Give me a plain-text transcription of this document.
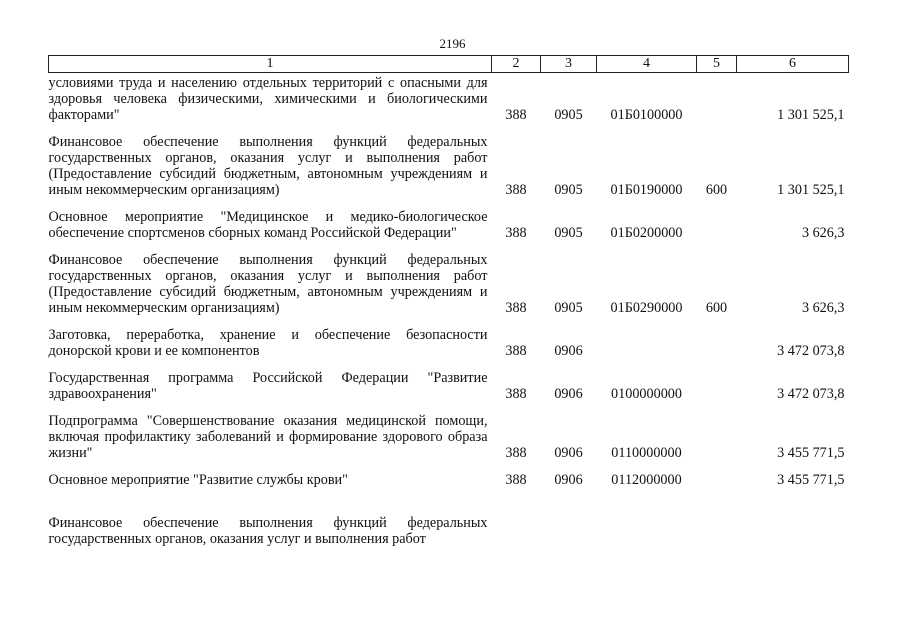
2196
1	2	3	4	5	6
условиями труда и населению отдельных территорий с опасными для здоровья человека физическими, химическими и биологическими факторами"	388	0905	01Б0100000		1 301 525,1
Финансовое обеспечение выполнения функций федеральных государственных органов, оказания услуг и выполнения работ (Предоставление субсидий бюджетным, автономным учреждениям и иным некоммерческим организациям)	388	0905	01Б0190000	600	1 301 525,1
Основное мероприятие "Медицинское и медико-биологическое обеспечение спортсменов сборных команд Российской Федерации"	388	0905	01Б0200000		3 626,3
Финансовое обеспечение выполнения функций федеральных государственных органов, оказания услуг и выполнения работ (Предоставление субсидий бюджетным, автономным учреждениям и иным некоммерческим организациям)	388	0905	01Б0290000	600	3 626,3
Заготовка, переработка, хранение и обеспечение безопасности донорской крови и ее компонентов	388	0906			3 472 073,8
Государственная программа Российской Федерации "Развитие здравоохранения"	388	0906	0100000000		3 472 073,8
Подпрограмма "Совершенствование оказания медицинской помощи, включая профилактику заболеваний и формирование здорового образа жизни"	388	0906	0110000000		3 455 771,5
Основное мероприятие "Развитие службы крови"	388	0906	0112000000		3 455 771,5
Финансовое обеспечение выполнения функций федеральных государственных органов, оказания услуг и выполнения работ					
